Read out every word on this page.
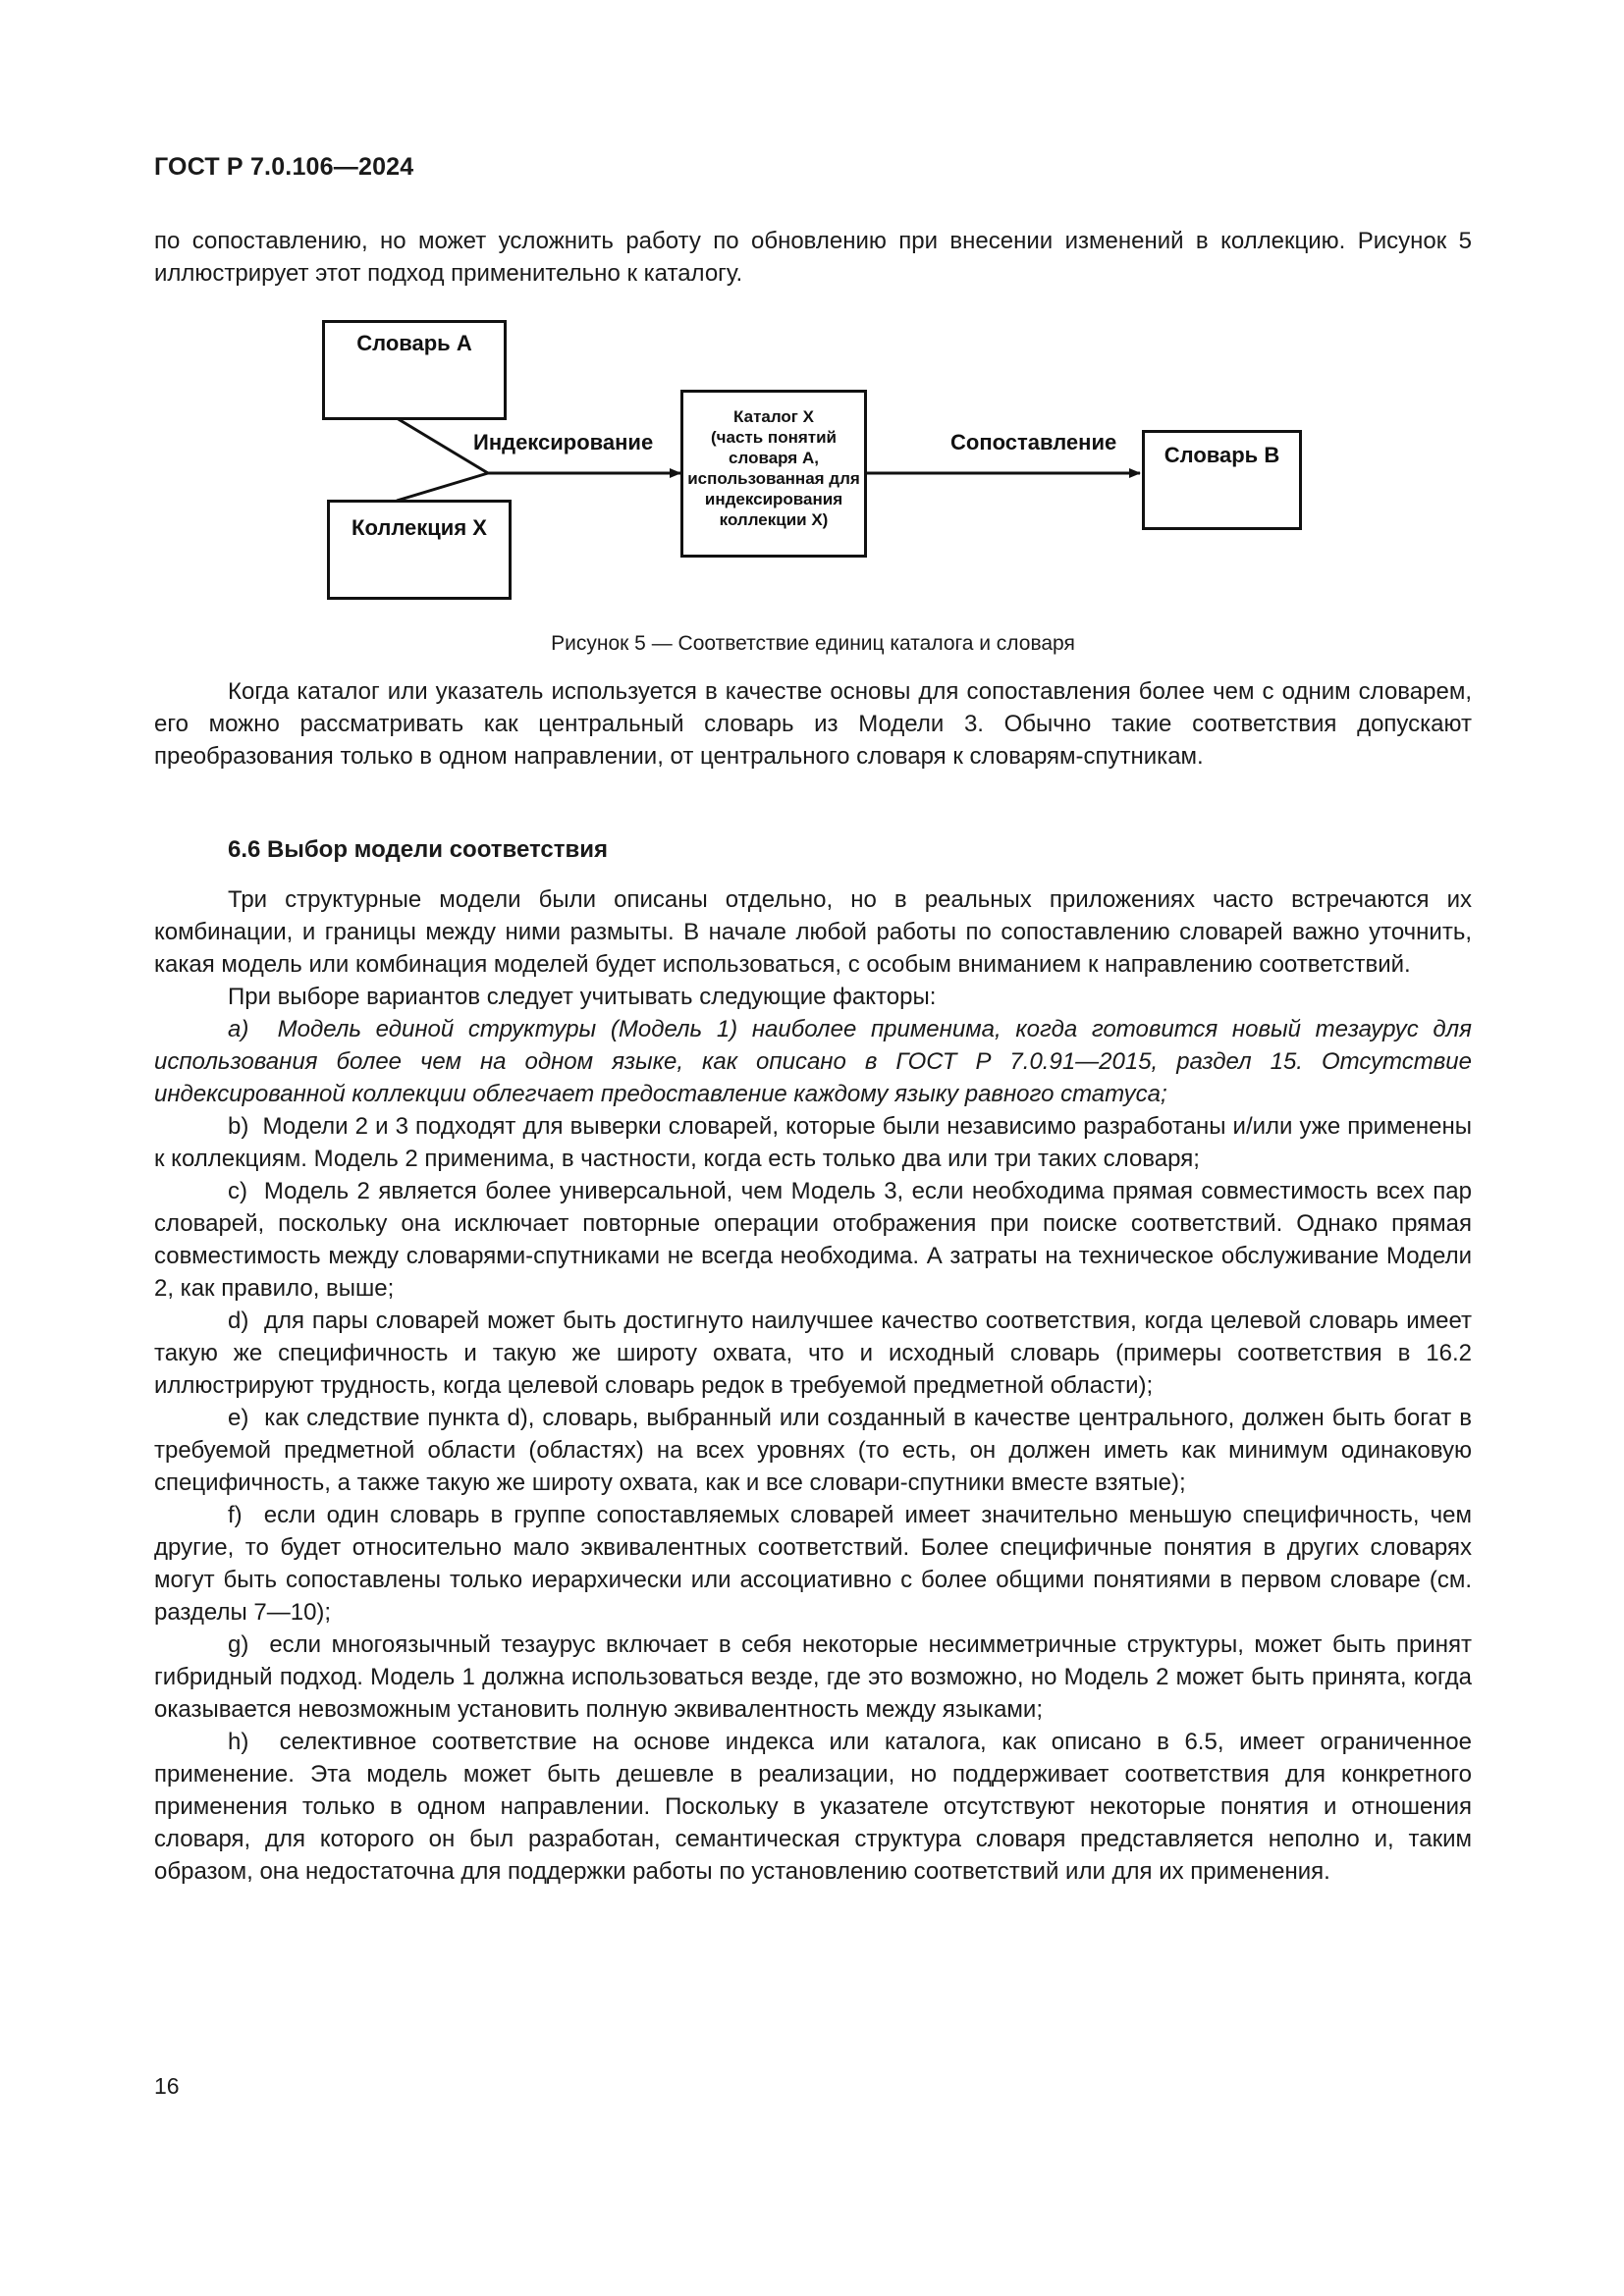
ГОСТ Р 7.0.106—2024

по сопоставлению, но может усложнить работу по обновлению при внесении изменений в коллекцию. Рисунок 5 иллюстрирует этот подход применительно к каталогу.

Словарь A
Коллекция X
Индексирование
Каталог X
(часть понятий
словаря A,
использованная для
индексирования
коллекции X)
Сопоставление
Словарь B
Рисунок 5 — Соответствие единиц каталога и словаря

Когда каталог или указатель используется в качестве основы для сопоставления более чем с одним словарем, его можно рассматривать как центральный словарь из Модели 3. Обычно такие соответствия допускают преобразования только в одном направлении, от центрального словаря к словарям-спутникам.

6.6 Выбор модели соответствия

Три структурные модели были описаны отдельно, но в реальных приложениях часто встречаются их комбинации, и границы между ними размыты. В начале любой работы по сопоставлению словарей важно уточнить, какая модель или комбинация моделей будет использоваться, с особым вниманием к направлению соответствий.

При выборе вариантов следует учитывать следующие факторы:

a) Модель единой структуры (Модель 1) наиболее применима, когда готовится новый тезаурус для использования более чем на одном языке, как описано в ГОСТ Р 7.0.91—2015, раздел 15. Отсутствие индексированной коллекции облегчает предоставление каждому языку равного статуса;

b) Модели 2 и 3 подходят для выверки словарей, которые были независимо разработаны и/или уже применены к коллекциям. Модель 2 применима, в частности, когда есть только два или три таких словаря;

c) Модель 2 является более универсальной, чем Модель 3, если необходима прямая совместимость всех пар словарей, поскольку она исключает повторные операции отображения при поиске соответствий. Однако прямая совместимость между словарями-спутниками не всегда необходима. А затраты на техническое обслуживание Модели 2, как правило, выше;

d) для пары словарей может быть достигнуто наилучшее качество соответствия, когда целевой словарь имеет такую же специфичность и такую же широту охвата, что и исходный словарь (примеры соответствия в 16.2 иллюстрируют трудность, когда целевой словарь редок в требуемой предметной области);

e) как следствие пункта d), словарь, выбранный или созданный в качестве центрального, должен быть богат в требуемой предметной области (областях) на всех уровнях (то есть, он должен иметь как минимум одинаковую специфичность, а также такую же широту охвата, как и все словари-спутники вместе взятые);

f) если один словарь в группе сопоставляемых словарей имеет значительно меньшую специфичность, чем другие, то будет относительно мало эквивалентных соответствий. Более специфичные понятия в других словарях могут быть сопоставлены только иерархически или ассоциативно с более общими понятиями в первом словаре (см. разделы 7—10);

g) если многоязычный тезаурус включает в себя некоторые несимметричные структуры, может быть принят гибридный подход. Модель 1 должна использоваться везде, где это возможно, но Модель 2 может быть принята, когда оказывается невозможным установить полную эквивалентность между языками;

h) селективное соответствие на основе индекса или каталога, как описано в 6.5, имеет ограниченное применение. Эта модель может быть дешевле в реализации, но поддерживает соответствия для конкретного применения только в одном направлении. Поскольку в указателе отсутствуют некоторые понятия и отношения словаря, для которого он был разработан, семантическая структура словаря представляется неполно и, таким образом, она недостаточна для поддержки работы по установлению соответствий или для их применения.

16
